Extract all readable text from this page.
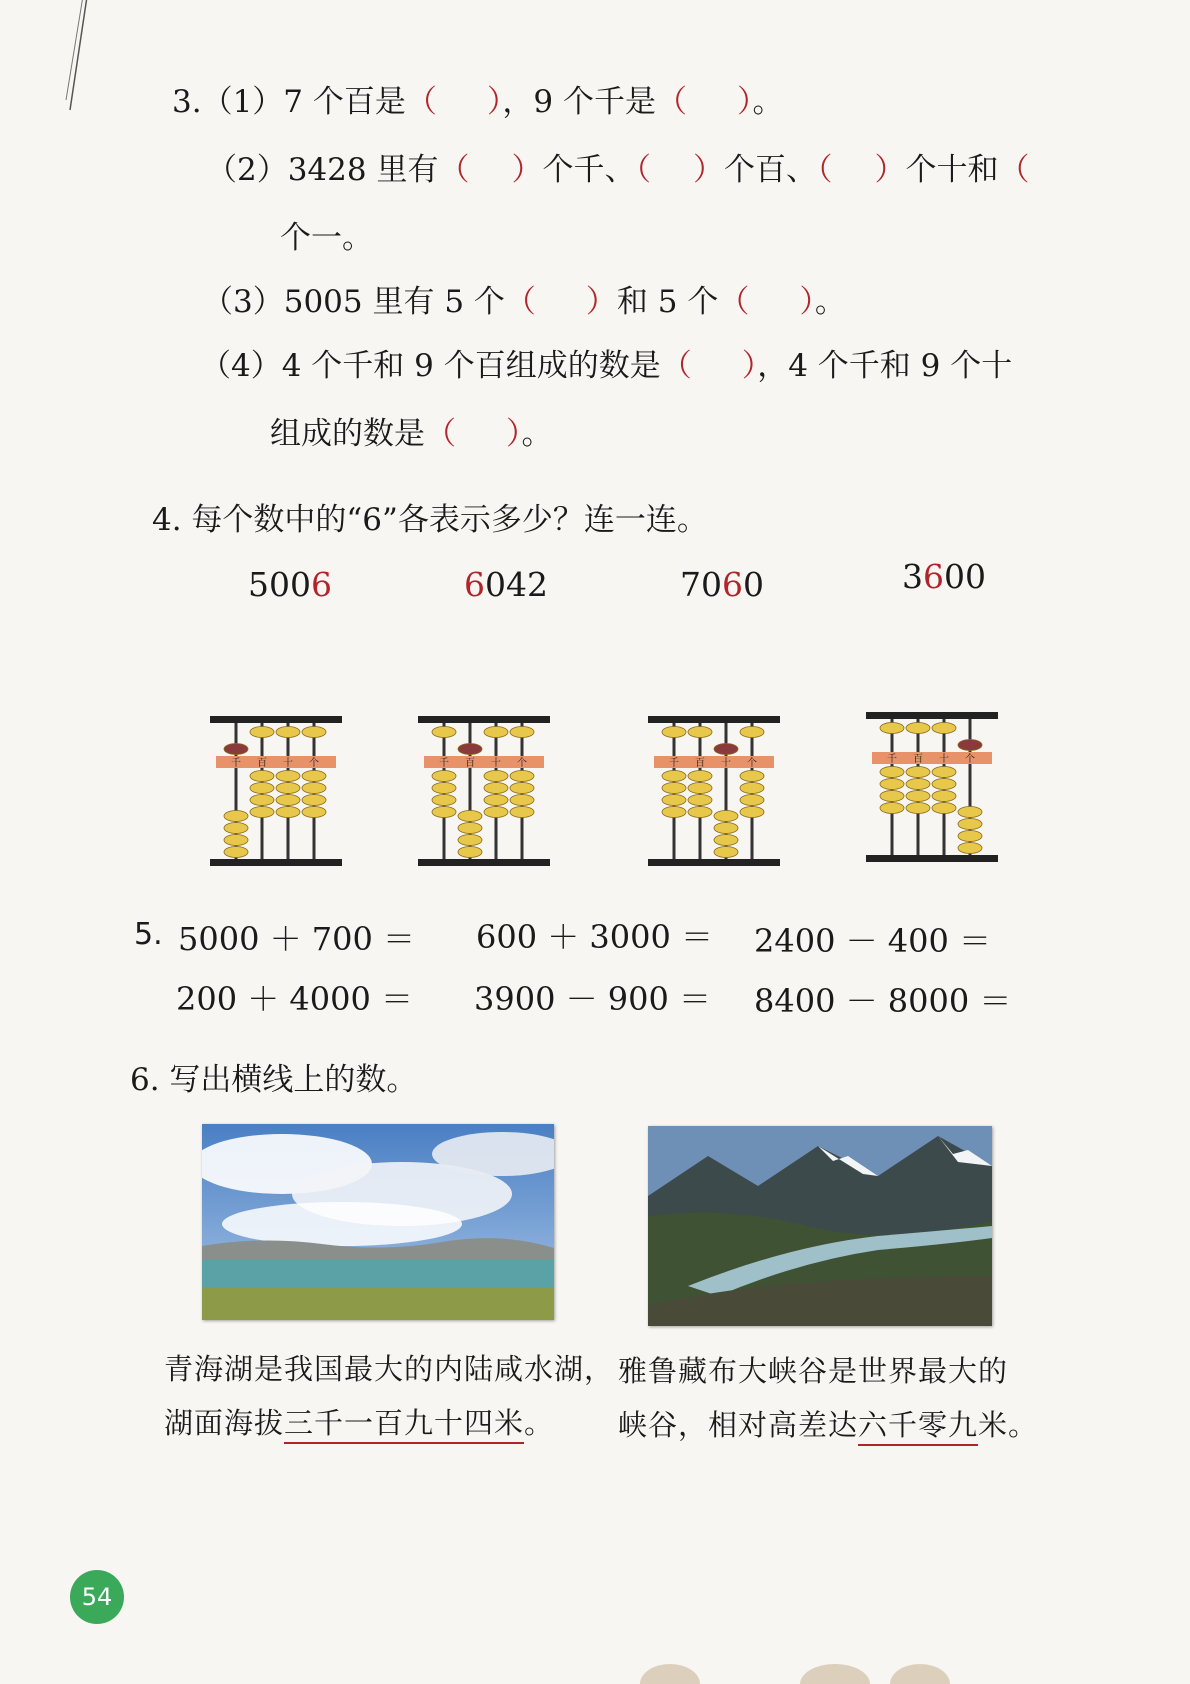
3.（1）7 个百是（ ），9 个千是（ ）。
（2）3428 里有（ ）个千、（ ）个百、（ ）个十和（
个一。
（3）5005 里有 5 个（ ）和 5 个（ ）。
（4）4 个千和 9 个百组成的数是（ ），4 个千和 9 个十
组成的数是（ ）。
4. 每个数中的“6”各表示多少？连一连。
5006	6042	7060	3600
千 百 十 个	千 百 十 个	千 百 十 个	千 百 十 个
5. 5000 ＋ 700 ＝ 600 ＋ 3000 ＝ 2400 － 400 ＝
200 ＋ 4000 ＝ 3900 － 900 ＝ 8400 － 8000 ＝
6. 写出横线上的数。
青海湖是我国最大的内陆咸水湖，
湖面海拔三千一百九十四米。
雅鲁藏布大峡谷是世界最大的
峡谷，相对高差达六千零九米。
54
